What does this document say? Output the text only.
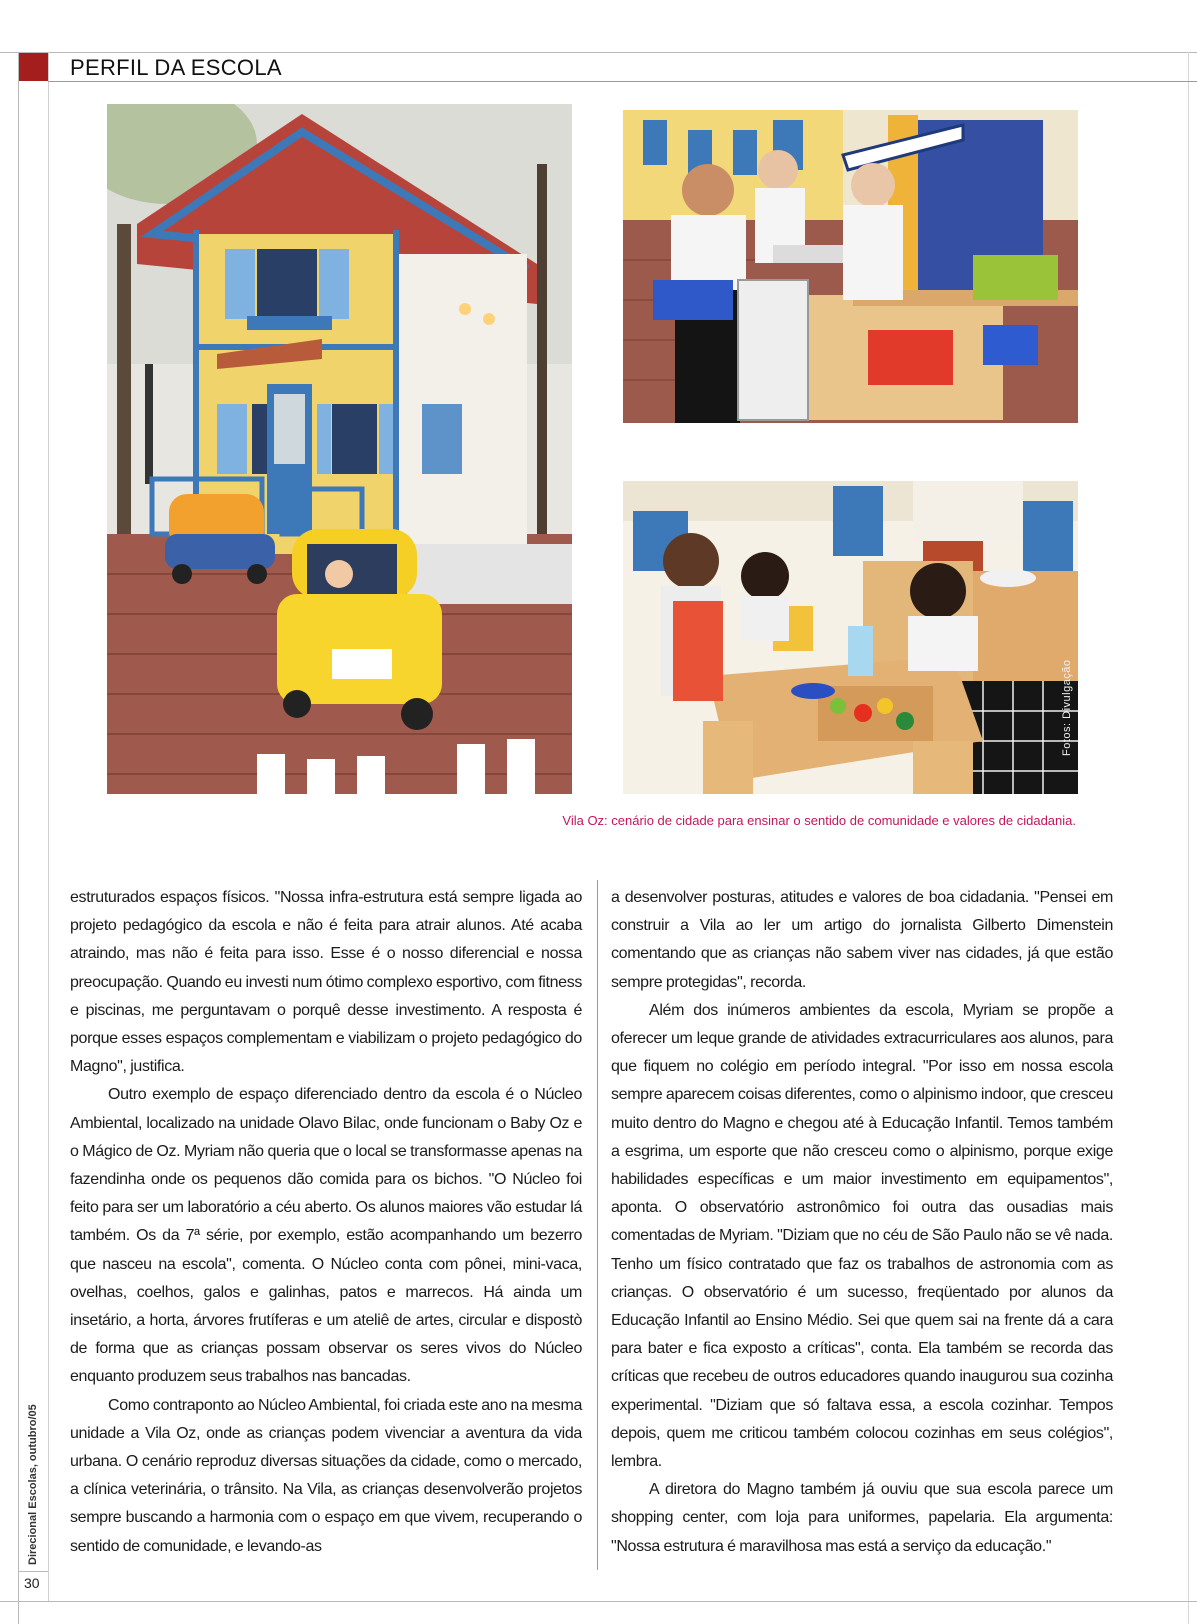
PERFIL DA ESCOLA
Fotos: Divulgação
Vila Oz: cenário de cidade para ensinar o sentido de comunidade e valores de cidadania.

estruturados espaços físicos. "Nossa infra-estrutura está sempre ligada ao projeto pedagógico da escola e não é feita para atrair alunos. Até acaba atraindo, mas não é feita para isso. Esse é o nosso diferencial e nossa preocupação. Quando eu investi num ótimo complexo esportivo, com fitness e piscinas, me perguntavam o porquê desse investimento. A resposta é porque esses espaços complementam e viabilizam o projeto pedagógico do Magno", justifica.

Outro exemplo de espaço diferenciado dentro da escola é o Núcleo Ambiental, localizado na unidade Olavo Bilac, onde funcionam o Baby Oz e o Mágico de Oz. Myriam não queria que o local se transformasse apenas na fazendinha onde os pequenos dão comida para os bichos. "O Núcleo foi feito para ser um laboratório a céu aberto. Os alunos maiores vão estudar lá também. Os da 7ª série, por exemplo, estão acompanhando um bezerro que nasceu na escola", comenta. O Núcleo conta com pônei, mini-vaca, ovelhas, coelhos, galos e galinhas, patos e marrecos. Há ainda um insetário, a horta, árvores frutíferas e um ateliê de artes, circular e dispostò de forma que as crianças possam observar os seres vivos do Núcleo enquanto produzem seus trabalhos nas bancadas.

Como contraponto ao Núcleo Ambiental, foi criada este ano na mesma unidade a Vila Oz, onde as crianças podem vivenciar a aventura da vida urbana. O cenário reproduz diversas situações da cidade, como o mercado, a clínica veterinária, o trânsito. Na Vila, as crianças desenvolverão projetos sempre buscando a harmonia com o espaço em que vivem, recuperando o sentido de comunidade, e levando-as

a desenvolver posturas, atitudes e valores de boa cidadania. "Pensei em construir a Vila ao ler um artigo do jornalista Gilberto Dimenstein comentando que as crianças não sabem viver nas cidades, já que estão sempre protegidas", recorda.

Além dos inúmeros ambientes da escola, Myriam se propõe a oferecer um leque grande de atividades extracurriculares aos alunos, para que fiquem no colégio em período integral. "Por isso em nossa escola sempre aparecem coisas diferentes, como o alpinismo indoor, que cresceu muito dentro do Magno e chegou até à Educação Infantil. Temos também a esgrima, um esporte que não cresceu como o alpinismo, porque exige habilidades específicas e um maior investimento em equipamentos", aponta. O observatório astronômico foi outra das ousadias mais comentadas de Myriam. "Diziam que no céu de São Paulo não se vê nada. Tenho um físico contratado que faz os trabalhos de astronomia com as crianças. O observatório é um sucesso, freqüentado por alunos da Educação Infantil ao Ensino Médio. Sei que quem sai na frente dá a cara para bater e fica exposto a críticas", conta. Ela também se recorda das críticas que recebeu de outros educadores quando inaugurou sua cozinha experimental. "Diziam que só faltava essa, a escola cozinhar. Tempos depois, quem me criticou também colocou cozinhas em seus colégios", lembra.

A diretora do Magno também já ouviu que sua escola parece um shopping center, com loja para uniformes, papelaria. Ela argumenta: "Nossa estrutura é maravilhosa mas está a serviço da educação."

Direcional Escolas, outubro/05
30
